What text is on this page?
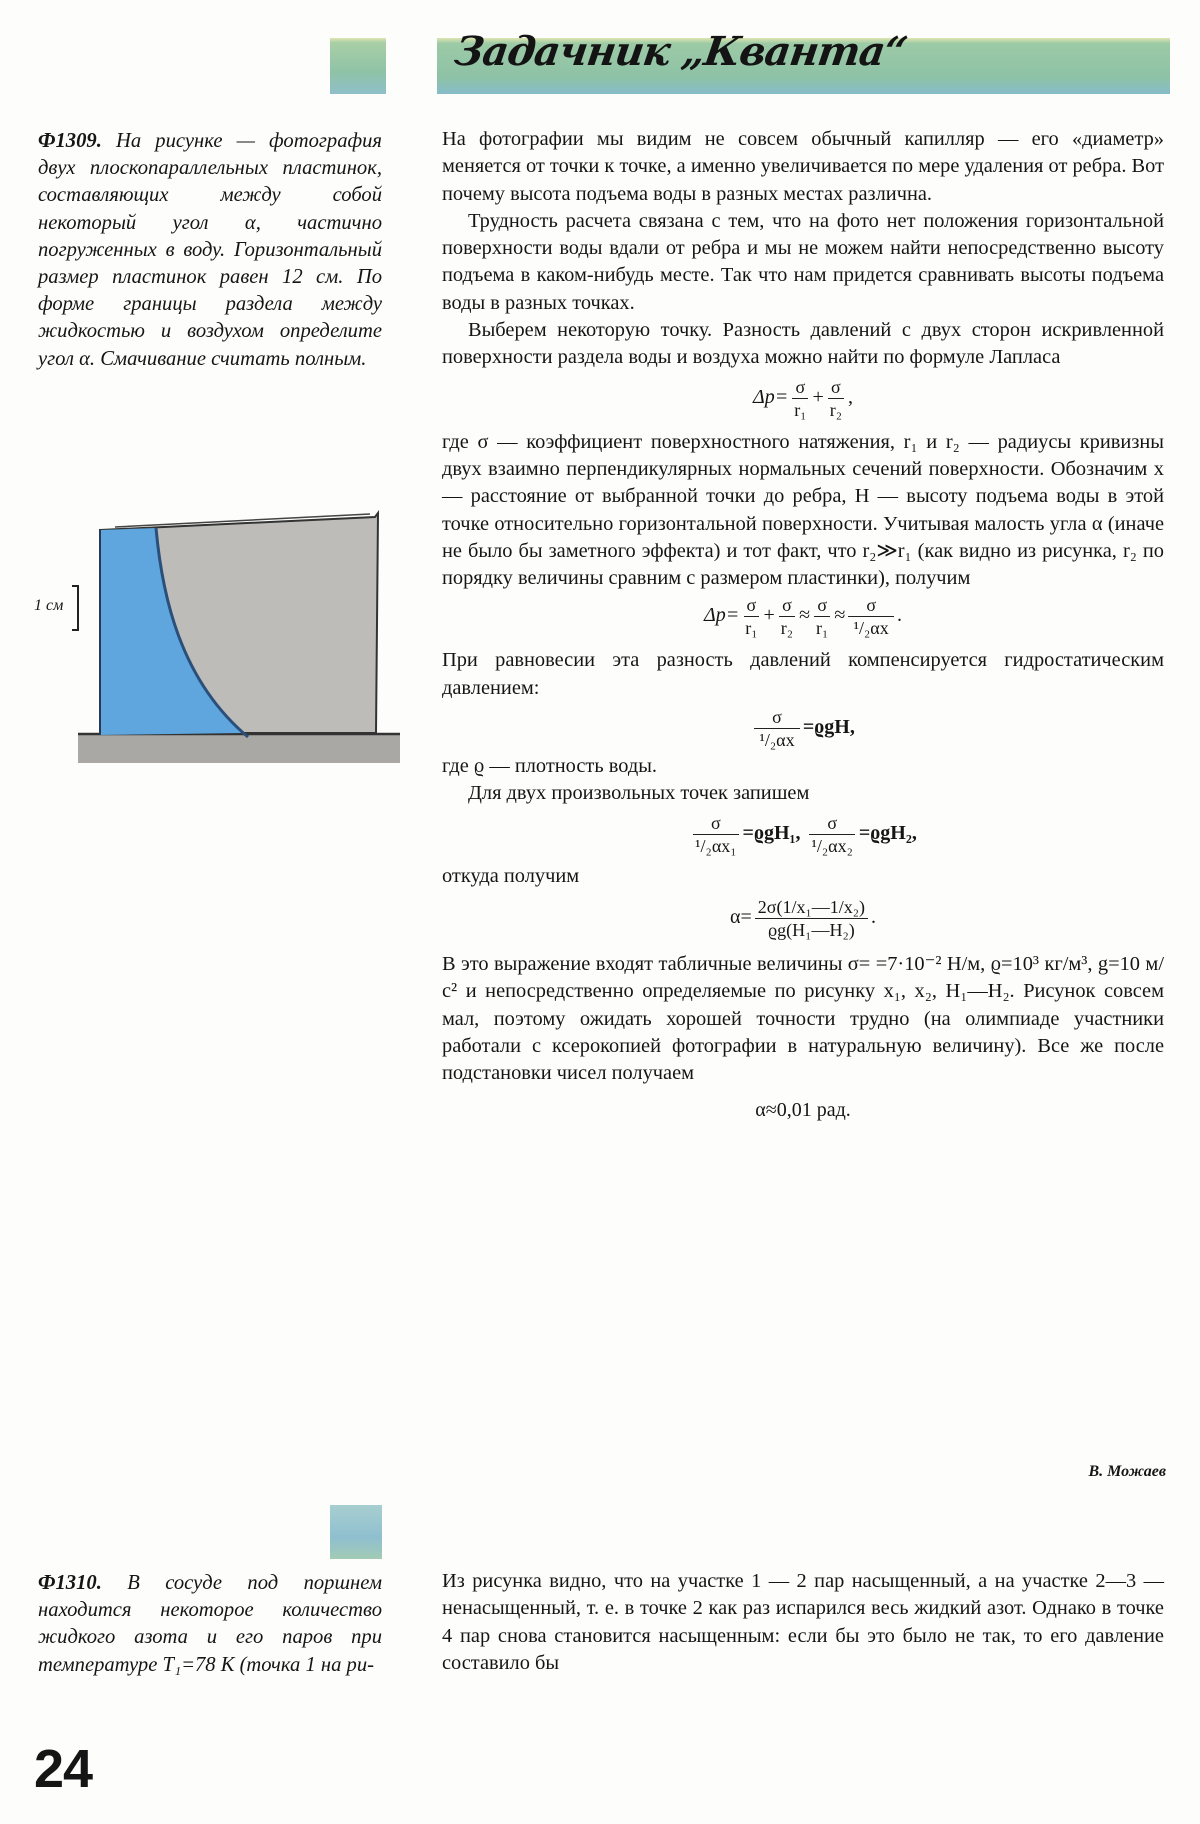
Задачник „Кванта“

Ф1309. На рисунке — фотография двух плоскопараллельных пластинок, составляющих между собой некоторый угол α, частично погруженных в воду. Горизонтальный размер пластинок равен 12 см. По форме границы раздела между жидкостью и воздухом определите угол α. Смачивание считать полным.

1 см

На фотографии мы видим не совсем обычный капилляр — его «диаметр» меняется от точки к точке, а именно увеличивается по мере удаления от ребра. Вот почему высота подъема воды в разных местах различна.

Трудность расчета связана с тем, что на фото нет положения горизонтальной поверхности воды вдали от ребра и мы не можем найти непосредственно высоту подъема в каком-нибудь месте. Так что нам придется сравнивать высоты подъема воды в разных точках.

Выберем некоторую точку. Разность давлений с двух сторон искривленной поверхности раздела воды и воздуха можно найти по формуле Лапласа

$\Delta p= \frac{\sigma}{\text{r₁}} + \frac{\sigma}{\text{r₂}}$ ,

где σ — коэффициент поверхностного натяжения, r₁ и r₂ — радиусы кривизны двух взаимно перпендикулярных нормальных сечений поверхности. Обозначим x — расстояние от выбранной точки до ребра, H — высоту подъема воды в этой точке относительно горизонтальной поверхности. Учитывая малость угла α (иначе не было бы заметного эффекта) и тот факт, что r₂≫r₁ (как видно из рисунка, r₂ по порядку величины сравним с размером пластинки), получим

$\Delta p= \frac{\sigma}{\text{r₁}} + \frac{\sigma}{\text{r₂}} \approx \frac{\sigma}{\text{r₁}} \approx \frac{\sigma}{\text{¹/₂αx}}$ .

При равновесии эта разность давлений компенсируется гидростатическим давлением:

$\frac{\sigma}{\text{¹/₂αx}} =ϱgH$,

где ϱ — плотность воды.

Для двух произвольных точек запишем

$\frac{\sigma}{\text{¹/₂αx₁}} =ϱgH_1$, $\frac{\sigma}{\text{¹/₂αx₂}} =ϱgH_2$,

откуда получим

$\alpha= \frac{\text{2σ(1/x₁—1/x₂)}}{\text{ϱg(H₁—H₂)}}$ .

В это выражение входят табличные величины σ= =7·10⁻² Н/м, ϱ=10³ кг/м³, g=10 м/с² и непосредственно определяемые по рисунку x₁, x₂, H₁—H₂. Рисунок совсем мал, поэтому ожидать хорошей точности трудно (на олимпиаде участники работали с ксерокопией фотографии в натуральную величину). Все же после подстановки чисел получаем

α≈0,01 рад.
В. Можаев

Ф1310. В сосуде под поршнем находится некоторое количество жидкого азота и его паров при температуре T₁=78 К (точка 1 на ри-

Из рисунка видно, что на участке 1 — 2 пар насыщенный, а на участке 2—3 — ненасыщенный, т. е. в точке 2 как раз испарился весь жидкий азот. Однако в точке 4 пар снова становится насыщенным: если бы это было не так, то его давление составило бы

24
